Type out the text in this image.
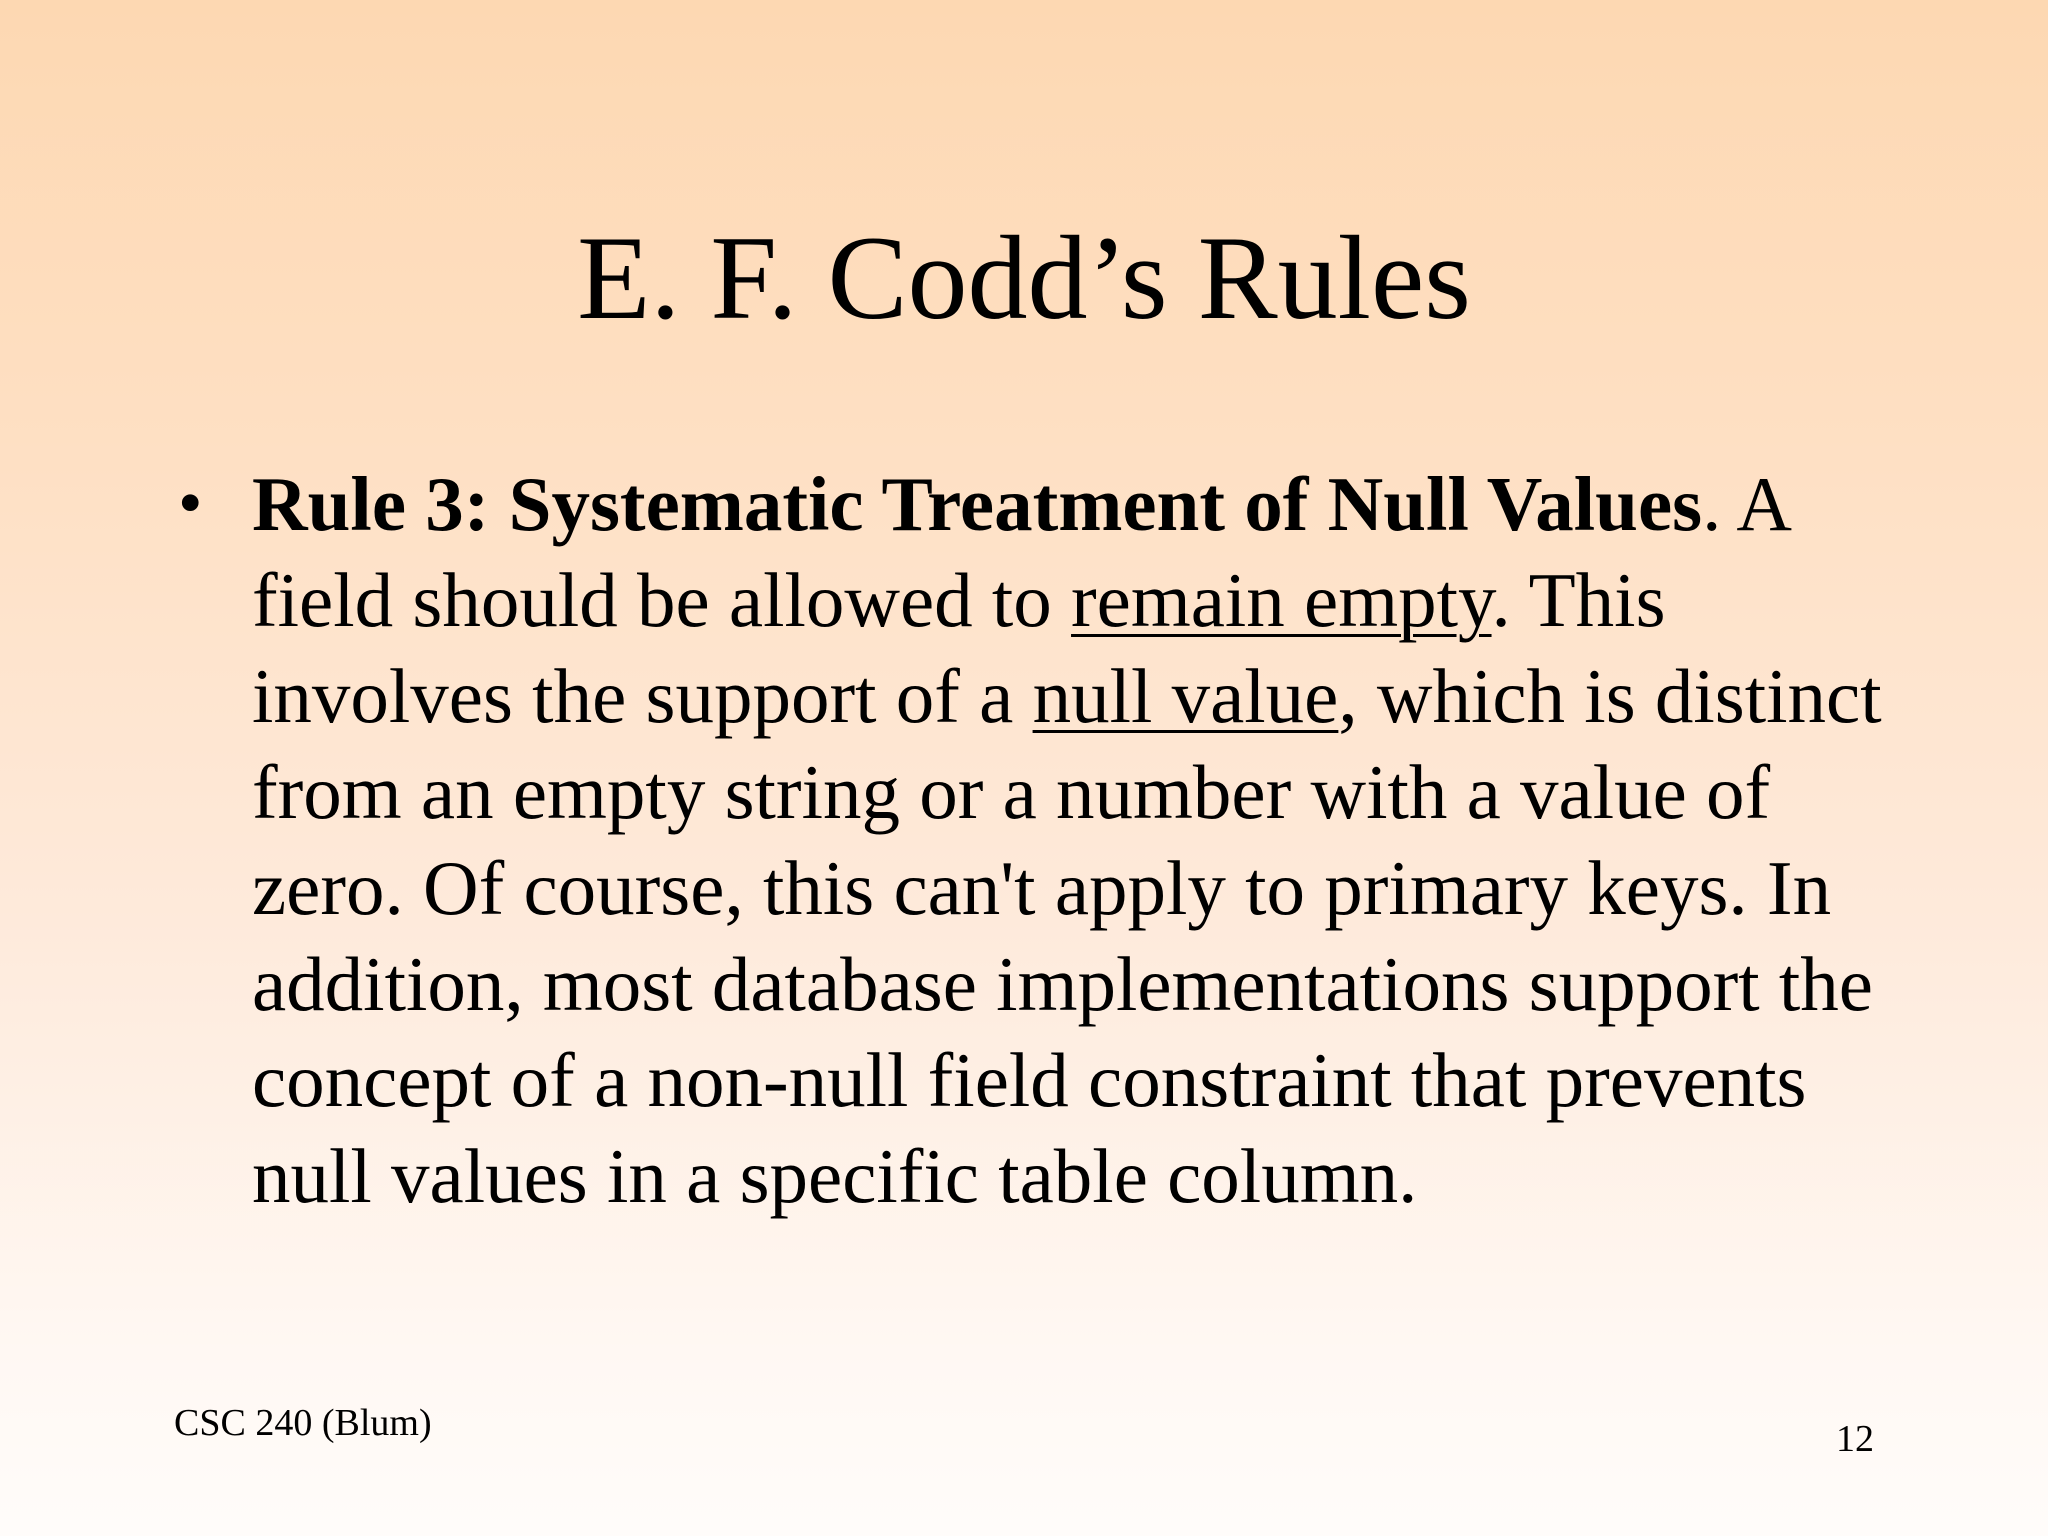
E. F. Codd’s Rules
• Rule 3: Systematic Treatment of Null Values. A field should be allowed to remain empty. This involves the support of a null value, which is distinct from an empty string or a number with a value of zero. Of course, this can't apply to primary keys. In addition, most database implementations support the concept of a non-null field constraint that prevents null values in a specific table column.

CSC 240 (Blum)	12
